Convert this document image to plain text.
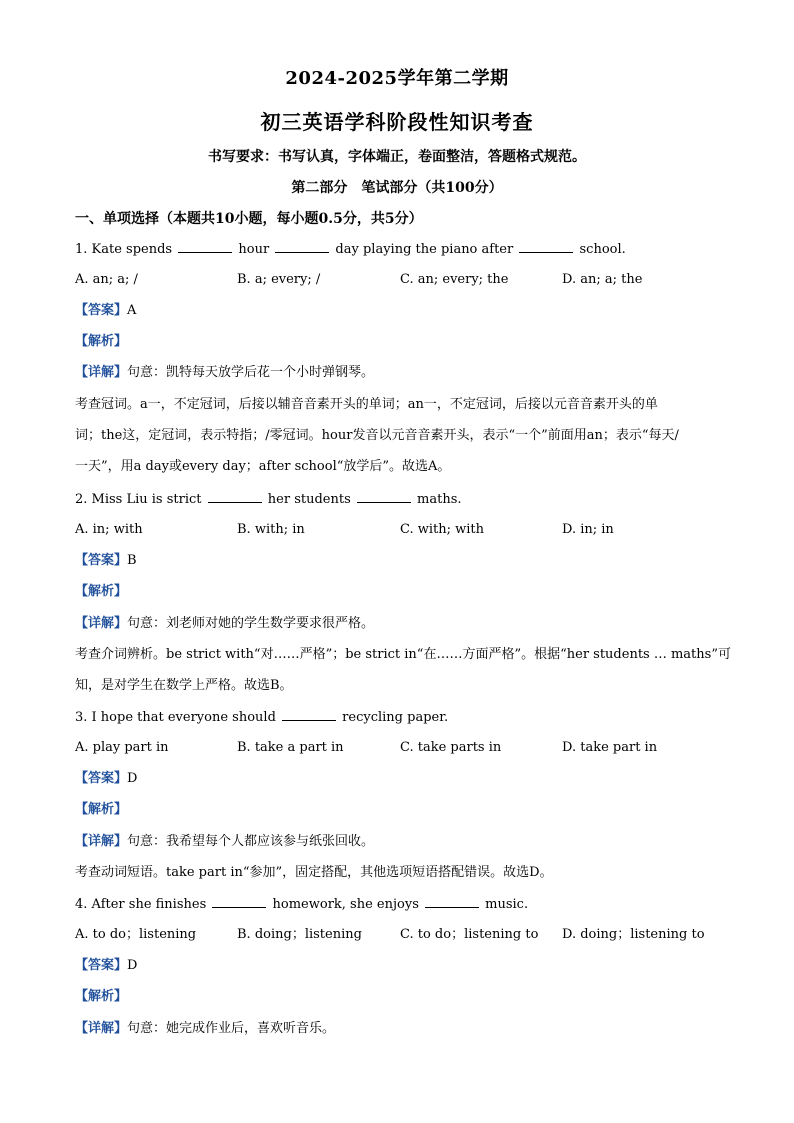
2024-2025学年第二学期
初三英语学科阶段性知识考查
书写要求：书写认真，字体端正，卷面整洁，答题格式规范。
第二部分　笔试部分（共100分）
一、单项选择（本题共10小题，每小题0.5分，共5分）
1. Kate spends	hour	day playing the piano after	school.
A. an; a; /	B. a; every; /	C. an; every; the	D. an; a; the
【答案】A
【解析】
【详解】句意：凯特每天放学后花一个小时弹钢琴。
考查冠词。a一，不定冠词，后接以辅音音素开头的单词；an一，不定冠词，后接以元音音素开头的单
词；the这，定冠词，表示特指；/零冠词。hour发音以元音音素开头，表示“一个”前面用an；表示“每天/
一天”，用a day或every day；after school“放学后”。故选A。
2. Miss Liu is strict	her students	maths.
A. in; with	B. with; in	C. with; with	D. in; in
【答案】B
【解析】
【详解】句意：刘老师对她的学生数学要求很严格。
考查介词辨析。be strict with“对……严格”；be strict in“在……方面严格”。根据“her students … maths”可
知，是对学生在数学上严格。故选B。
3. I hope that everyone should	recycling paper.
A. play part in	B. take a part in	C. take parts in	D. take part in
【答案】D
【解析】
【详解】句意：我希望每个人都应该参与纸张回收。
考查动词短语。take part in“参加”，固定搭配，其他选项短语搭配错误。故选D。
4. After she finishes	homework, she enjoys	music.
A. to do；listening	B. doing；listening	C. to do；listening to D. doing；listening to
【答案】D
【解析】
【详解】句意：她完成作业后，喜欢听音乐。
